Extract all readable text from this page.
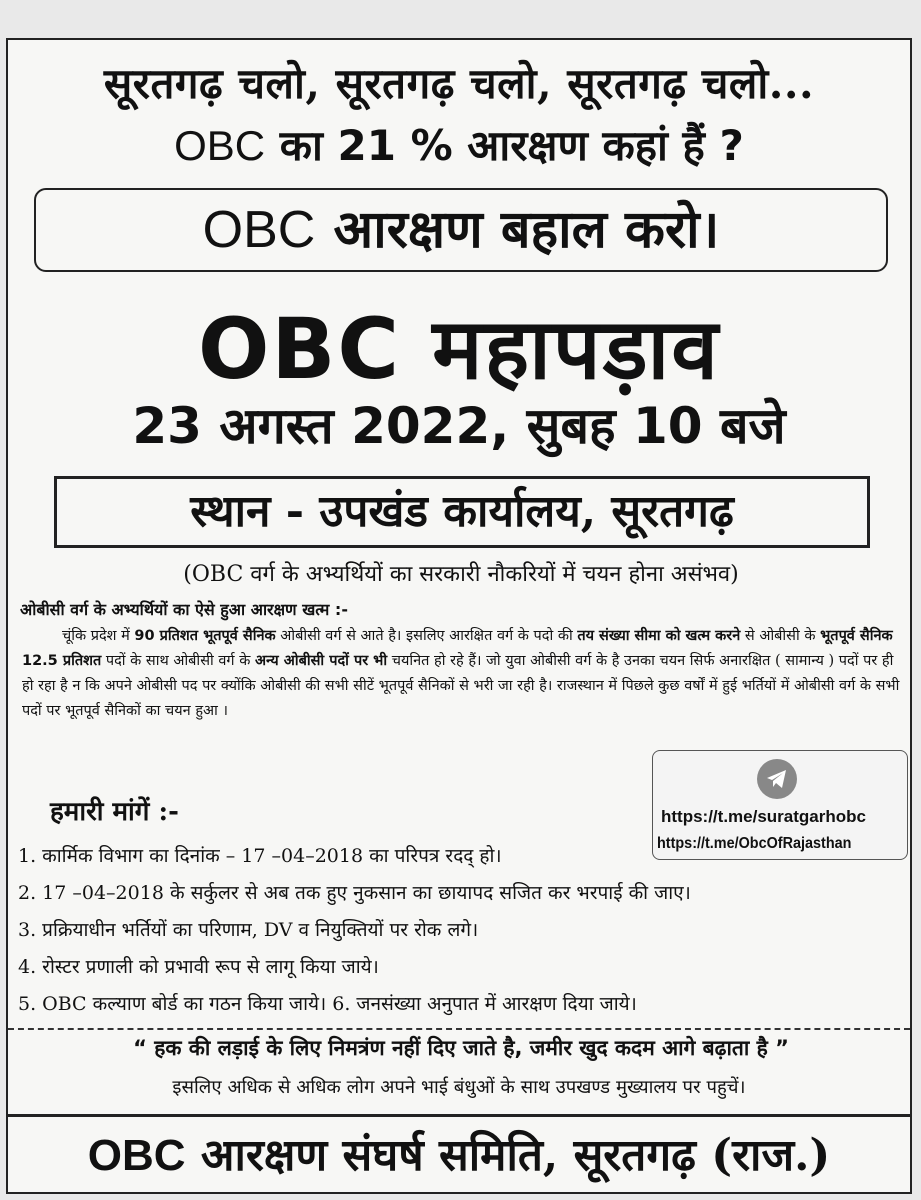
सूरतगढ़ चलो, सूरतगढ़ चलो, सूरतगढ़ चलो...
OBC का 21 % आरक्षण कहां हैं ?
OBC आरक्षण बहाल करो।
OBC महापड़ाव
23 अगस्त 2022, सुबह 10 बजे
स्थान - उपखंड कार्यालय, सूरतगढ़
(OBC वर्ग के अभ्यर्थियों का सरकारी नौकरियों में चयन होना असंभव)
ओबीसी वर्ग के अभ्यर्थियों का ऐसे हुआ आरक्षण खत्म :-
चूंकि प्रदेश में 90 प्रतिशत भूतपूर्व सैनिक ओबीसी वर्ग से आते है। इसलिए आरक्षित वर्ग के पदो की तय संख्या सीमा को खत्म करने से ओबीसी के भूतपूर्व सैनिक 12.5 प्रतिशत पदों के साथ ओबीसी वर्ग के अन्य ओबीसी पदों पर भी चयनित हो रहे हैं। जो युवा ओबीसी वर्ग के है उनका चयन सिर्फ अनारक्षित ( सामान्य ) पदों पर ही हो रहा है न कि अपने ओबीसी पद पर क्योंकि ओबीसी की सभी सीटें भूतपूर्व सैनिकों से भरी जा रही है। राजस्थान में पिछले कुछ वर्षों में हुई भर्तियों में ओबीसी वर्ग के सभी पदों पर भूतपूर्व सैनिकों का चयन हुआ ।
हमारी मांगें :-	https://t.me/suratgarhobc
https://t.me/ObcOfRajasthan
1. कार्मिक विभाग का दिनांक – 17 –04–2018 का परिपत्र रदद् हो।
2. 17 –04–2018 के सर्कुलर से अब तक हुए नुकसान का छायापद सजित कर भरपाई की जाए।
3. प्रक्रियाधीन भर्तियों का परिणाम, DV व नियुक्तियों पर रोक लगे।
4. रोस्टर प्रणाली को प्रभावी रूप से लागू किया जाये।
5. OBC कल्याण बोर्ड का गठन किया जाये। 6. जनसंख्या अनुपात में आरक्षण दिया जाये।
“ हक की लड़ाई के लिए निमत्रंण नहीं दिए जाते है, जमीर खुद कदम आगे बढ़ाता है ”
इसलिए अधिक से अधिक लोग अपने भाई बंधुओं के साथ उपखण्ड मुख्यालय पर पहुचें।
OBC आरक्षण संघर्ष समिति, सूरतगढ़ (राज.)
